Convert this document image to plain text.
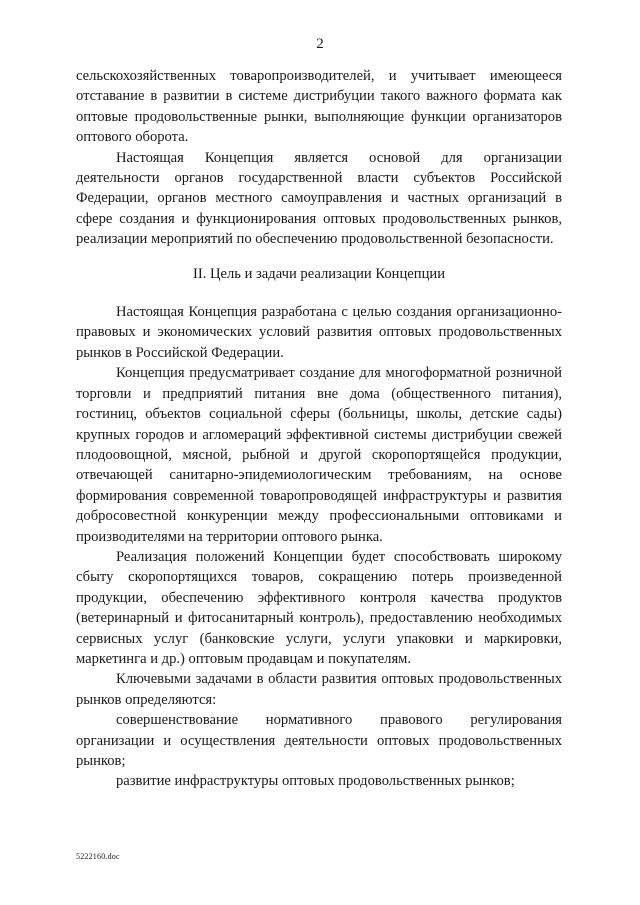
2

сельскохозяйственных товаропроизводителей, и учитывает имеющееся отставание в развитии в системе дистрибуции такого важного формата как оптовые продовольственные рынки, выполняющие функции организаторов оптового оборота.

Настоящая Концепция является основой для организации деятельности органов государственной власти субъектов Российской Федерации, органов местного самоуправления и частных организаций в сфере создания и функционирования оптовых продовольственных рынков, реализации мероприятий по обеспечению продовольственной безопасности.

II. Цель и задачи реализации Концепции

Настоящая Концепция разработана с целью создания организационно-правовых и экономических условий развития оптовых продовольственных рынков в Российской Федерации.

Концепция предусматривает создание для многоформатной розничной торговли и предприятий питания вне дома (общественного питания), гостиниц, объектов социальной сферы (больницы, школы, детские сады) крупных городов и агломераций эффективной системы дистрибуции свежей плодоовощной, мясной, рыбной и другой скоропортящейся продукции, отвечающей санитарно-эпидемиологическим требованиям, на основе формирования современной товаропроводящей инфраструктуры и развития добросовестной конкуренции между профессиональными оптовиками и производителями на территории оптового рынка.

Реализация положений Концепции будет способствовать широкому сбыту скоропортящихся товаров, сокращению потерь произведенной продукции, обеспечению эффективного контроля качества продуктов (ветеринарный и фитосанитарный контроль), предоставлению необходимых сервисных услуг (банковские услуги, услуги упаковки и маркировки, маркетинга и др.) оптовым продавцам и покупателям.

Ключевыми задачами в области развития оптовых продовольственных рынков определяются:

совершенствование нормативного правового регулирования организации и осуществления деятельности оптовых продовольственных рынков;

развитие инфраструктуры оптовых продовольственных рынков;

5222160.doc
